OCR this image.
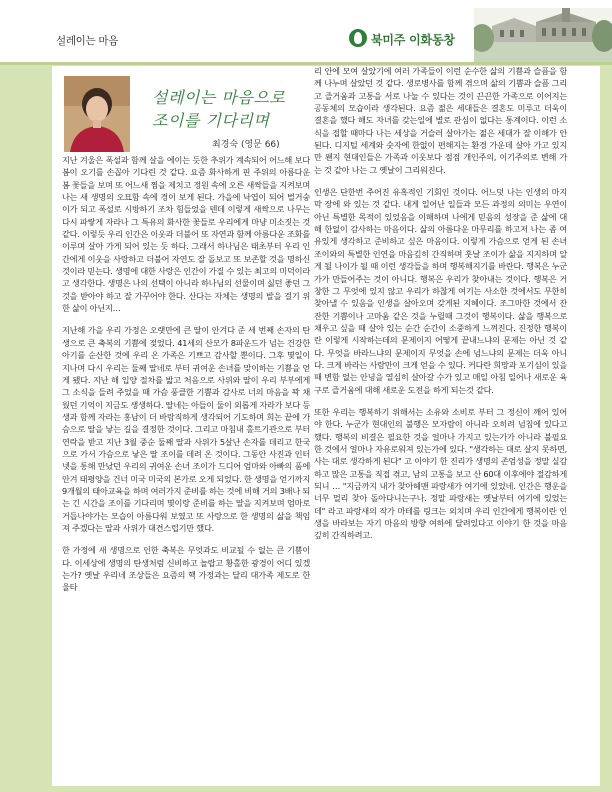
설레이는 마음	북미주 이화동창
설레이는 마음으로
조이를 기다리며
최경숙 (영문 66)

지난 겨울은 폭설과 함께 살을 에이는 듯한 추위가 계속되어 어느해 보다 봄이 오기를 손꼽아 기다린 것 같다. 요즘 화사하게 핀 주위의 아름다운 봄 꽃들을 보며 또 어느새 찜을 제치고 정원 속에 오른 새싹들을 지켜보며 나는 새 생명의 오묘함 속에 경이 보게 된다. 가을에 낙엽이 되어 벌거숭이가 되고 폭설로 시방하기 조차 힘들었을 텐데 이렇게 새싹으로 나무는 다시 파랗게 자라나 그 특유의 화사한 꽃들로 우리에게 마냥 미소짓는 것 같다. 이렇듯 우리 인간은 이웃과 더불어 또 자연과 함께 아름다운 조화를 이루며 살아 가게 되어 있는 듯 하다. 그래서 하나님은 태초부터 우리 인간에게 이웃을 사랑하고 더불어 자연도 잘 돌보고 또 보존할 것을 명하신 것이라 믿는다. 생명에 대한 사랑은 인간이 가질 수 있는 최고의 미덕이라고 생각한다. 생명은 나의 선택이 아니라 하나님의 선물이며 싫던 좋던 그것을 받아야 하고 잘 가꾸어야 한다. 산다는 자체는 생명의 발을 걸기 위한 삶이 아닌지…

지난해 가을 우리 가정은 오랫만에 큰 딸이 안겨다 준 세 번째 손자의 탄생으로 큰 축복의 기쁨에 젖었다. 41세의 산모가 8파운드가 넘는 건강한 아기를 순산한 것에 우리 온 가족은 기쁘고 감사할 뿐이다. 그후 몇일이 지나며 다시 우리는 둘째 딸네로 부터 귀여운 손녀를 맞이하는 기쁨을 얻게 됐다. 지난 해 입양 절차를 밟고 처음으로 사위와 딸이 우리 부부에게 그 소식을 들려 주었을 때 가슴 풍클한 기쁨과 감사로 너의 마음을 꽉 채웠던 기억이 지금도 생생하다. 딸네는 아들이 둘이 외롭게 자라가 보다 등생과 함께 자라는 홍남이 더 바람직하게 생각되어 기도하며 희논 끝에 가슴으로 딸을 낳는 길을 결정한 것이다. 그리고 마침내 홀트기관으로 부터 연락을 받고 지난 3월 중순 둘째 딸과 사위가 5살난 손자를 데리고 한국으로 가서 가슴으로 낳은 딸 조이를 데려 온 것이다. 그동안 사진과 인터넷을 통해 만났던 우리의 귀여운 손녀 조이가 드디어 엄마와 아빠의 품에 안겨 태평양을 건너 미국 미국의 본가로 오게 되었다. 한 생명을 얻기까지 9개월의 태아교육을 하며 여러가지 준비를 하는 것에 비해 거의 3배나 되는 긴 시간을 조이를 기다리며 몇이랑 준비를 하는 딸을 지켜보며 엄마로 거듭나야가는 모습이 아름다워 보였고 또 사랑으로 한 생명의 삶을 책임져 주겠다는 딸과 사위가 대견스럽기만 했다.

한 가정에 새 생명으로 인한 축복은 무엇과도 비교될 수 없는 큰 기쁨이다. 이세상에 생명의 탄생처럼 신비하고 놀랍고 황홀한 광경이 어디 있겠는가? 옛날 우리네 조상들은 요즘의 핵 가정과는 달리 대가족 제도로 한 울타

리 안에 모여 살았기에 여러 가족들이 이런 순수한 삶의 기쁨과 슬픔을 함께 나누며 살았던 것 같다. 생로병사를 함께 겪으며 삶의 기쁨과 슬픔 그리고 즐거움과 고통을 서로 나눌 수 있다는 것이 끈끈한 가족으로 이어지는 공동체의 모습이라 생각된다. 요즘 젊은 세대들은 결혼도 미루고 더욱이 결혼을 했다 해도 자녀를 갖는일에 별로 관심이 없다는 통계이다. 이런 소식을 접할 때마다 나는 세상을 거슬러 살아가는 젊은 세대가 잘 이해가 안된다. 디지털 세계와 숫자에 한없이 편해지는 환경 가운데 살아 가고 있지만 왠지 현대인들은 가족과 이웃보다 점점 개인주의, 이기주의로 변해 가는 것 같아 나는 그 옛날이 그리워진다.

인생은 단한번 주어진 유혹적인 기회인 것이다. 어느덧 나는 인생의 마지막 장에 와 있는 것 같다. 내게 일어난 일들과 모든 과정의 의미는 우연이 아닌 특별한 목적이 있었음을 이해하며 나에게 믿음의 성장을 준 삶에 대해 한없이 감사하는 마음이다. 삶의 아름다운 마무리를 하고저 나는 좀 여유있게 생각하고 준비하고 싶은 마음이다. 이렇게 가슴으로 얻게 된 손녀 조이와의 특별한 인연을 마음깊히 간직하며 훗날 조이가 삶을 지지하며 알게 될 나이가 될 때 이런 생각들을 하며 행복해지기를 바란다. 행복은 누군가가 만들어주는 것이 아니다. 행복은 우리가 찾아내는 것이다. 행복은 거창한 그 무엇에 있지 않고 우리가 하찮게 여기는 사소한 것에서도 무한히 찾아낼 수 있음을 인생을 살아오며 갖게된 지혜이다. 조그마한 것에서 잔잔한 기쁨이나 고마움 같은 것을 누릴때 그것이 행복이다. 삶을 행복으로 채우고 싶을 때 살아 있는 순간 순간이 소중하게 느껴진다. 진정한 행복이란 이렇게 시작하는데의 문제이지 어떻게 끝내느냐의 문제는 아닌 것 같다. 무엇을 바라느냐의 문제이지 무엇을 손에 넘느냐의 문제는 더욱 아니다. 크게 바라는 사람만이 크게 얻을 수 있다. 커다란 희망과 포기심이 있을 때 변함 없는 안녕을 열심히 살아갈 수가 있고 매일 아침 일어나 새로운 육구로 즐거움에 대해 새로운 도전을 하게 되는것 같다.

또한 우리는 행복하기 위해서는 소유와 소비로 부터 그 정신이 깨어 있어야 한다. 누군가 현대인의 불행은 모자람이 아니라 오히려 넘침에 있다고 했다. 행복의 비결은 필요한 것을 얼마나 가지고 있는가가 아니라 불필요한 것에서 얼마나 자유로워져 있는가에 있다. "생각하는 대로 살지 못하면, 사는 대로 생각하게 된다" 고 이야기 한 진리가 생명의 존엄성을 정말 실감하고 많은 고통을 직접 겪고, 남의 고통을 보고 산 60대 이후에야 절감하게 되니 … "지금까지 내가 찾아헤맨 파랑새가 여기에 있었네. 인간은 행운을 너무 멀리 찾아 돌아다니는구나. 정말 파랑새는 옛날부터 여기에 있었는데" 라고 파랑새의 작가 마테를 링크는 외치며 우리 인간에게 행복이란 인생을 바라보는 자기 마음의 방향 여하에 달려있다고 이야기 한 것을 마음 깊히 간직하려고.
